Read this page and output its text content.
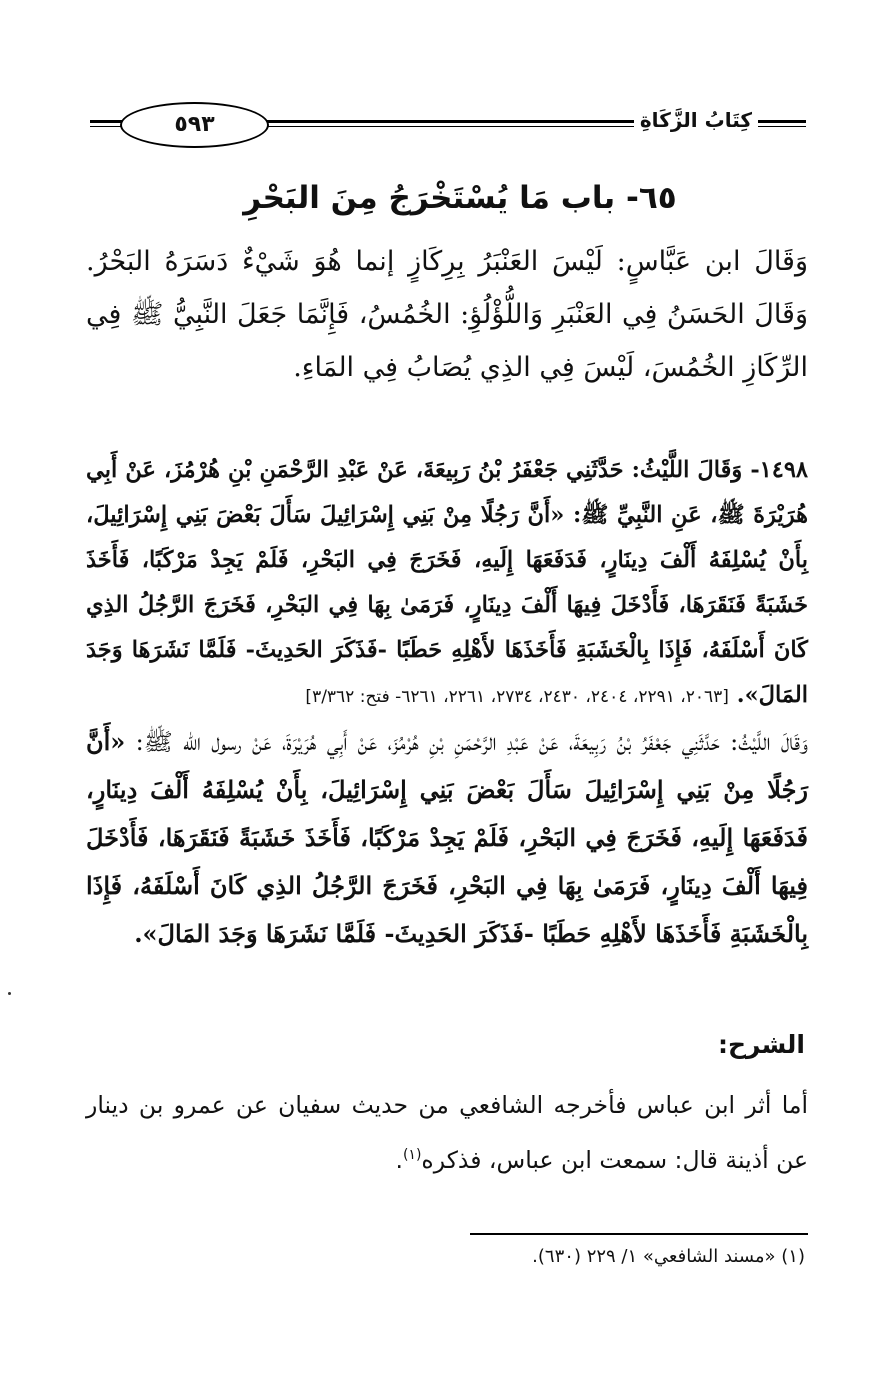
٥٩٣	كِتَابُ الزَّكَاةِ
٦٥- باب مَا يُسْتَخْرَجُ مِنَ البَحْرِ
وَقَالَ ابن عَبَّاسٍ: لَيْسَ العَنْبَرُ بِرِكَازٍ إنما هُوَ شَيْءٌ دَسَرَهُ البَحْرُ. وَقَالَ الحَسَنُ فِي العَنْبَرِ وَاللُّؤْلُؤِ: الخُمُسُ، فَإِنَّمَا جَعَلَ النَّبِيُّ ﷺ فِي الرِّكَازِ الخُمُسَ، لَيْسَ فِي الذِي يُصَابُ فِي المَاءِ.
١٤٩٨- وَقَالَ اللَّيْثُ: حَدَّثَنِي جَعْفَرُ بْنُ رَبِيعَةَ، عَنْ عَبْدِ الرَّحْمَنِ بْنِ هُرْمُزَ، عَنْ أَبِي هُرَيْرَةَ ﷺ، عَنِ النَّبِيِّ ﷺ: «أَنَّ رَجُلًا مِنْ بَنِي إِسْرَائِيلَ سَأَلَ بَعْضَ بَنِي إِسْرَائِيلَ، بِأَنْ يُسْلِفَهُ أَلْفَ دِينَارٍ، فَدَفَعَهَا إِلَيهِ، فَخَرَجَ فِي البَحْرِ، فَلَمْ يَجِدْ مَرْكَبًا، فَأَخَذَ خَشَبَةً فَنَقَرَهَا، فَأَدْخَلَ فِيهَا أَلْفَ دِينَارٍ، فَرَمَىٰ بِهَا فِي البَحْرِ، فَخَرَجَ الرَّجُلُ الذِي كَانَ أَسْلَفَهُ، فَإِذَا بِالْخَشَبَةِ فَأَخَذَهَا لأَهْلِهِ حَطَبًا -فَذَكَرَ الحَدِيثَ- فَلَمَّا نَشَرَهَا وَجَدَ المَالَ». [٢٠٦٣، ٢٢٩١، ٢٤٠٤، ٢٤٣٠، ٢٧٣٤، ٢٢٦١، ٦٢٦١- فتح: ٣/٣٦٢]
وَقَالَ اللَّيْثُ: حَدَّثَنِي جَعْفَرُ بْنُ رَبِيعَةَ، عَنْ عَبْدِ الرَّحْمَنِ بْنِ هُرْمُزَ، عَنْ أَبِي هُرَيْرَةَ، عَنْ رسول الله ﷺ: «أَنَّ رَجُلًا مِنْ بَنِي إِسْرَائِيلَ سَأَلَ بَعْضَ بَنِي إِسْرَائِيلَ، بِأَنْ يُسْلِفَهُ أَلْفَ دِينَارٍ، فَدَفَعَهَا إِلَيهِ، فَخَرَجَ فِي البَحْرِ، فَلَمْ يَجِدْ مَرْكَبًا، فَأَخَذَ خَشَبَةً فَنَقَرَهَا، فَأَدْخَلَ فِيهَا أَلْفَ دِينَارٍ، فَرَمَىٰ بِهَا فِي البَحْرِ، فَخَرَجَ الرَّجُلُ الذِي كَانَ أَسْلَفَهُ، فَإِذَا بِالْخَشَبَةِ فَأَخَذَهَا لأَهْلِهِ حَطَبًا -فَذَكَرَ الحَدِيثَ- فَلَمَّا نَشَرَهَا وَجَدَ المَالَ».
الشرح:
أما أثر ابن عباس فأخرجه الشافعي من حديث سفيان عن عمرو بن دينار عن أذينة قال: سمعت ابن عباس، فذكره$^{(١)}$.
(١) «مسند الشافعي» ١/ ٢٢٩ (٦٣٠).
